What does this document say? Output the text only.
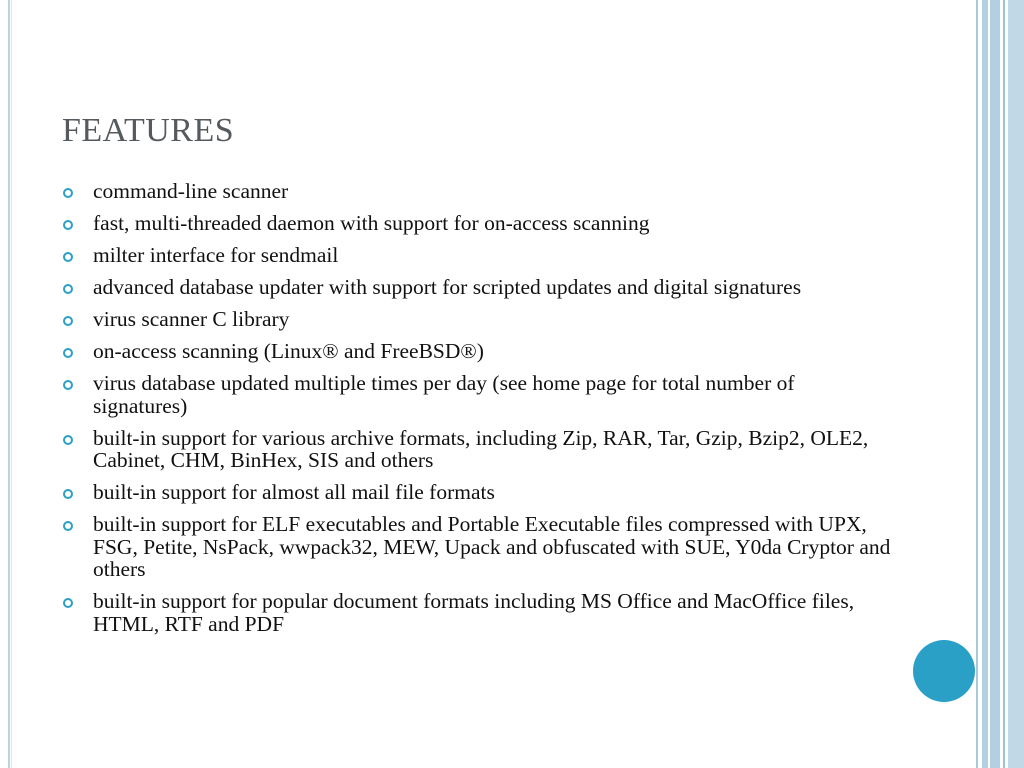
FEATURES
command-line scanner
fast, multi-threaded daemon with support for on-access scanning
milter interface for sendmail
advanced database updater with support for scripted updates and digital signatures
virus scanner C library
on-access scanning (Linux® and FreeBSD®)
virus database updated multiple times per day (see home page for total number of signatures)
built-in support for various archive formats, including Zip, RAR, Tar, Gzip, Bzip2, OLE2, Cabinet, CHM, BinHex, SIS and others
built-in support for almost all mail file formats
built-in support for ELF executables and Portable Executable files compressed with UPX, FSG, Petite, NsPack, wwpack32, MEW, Upack and obfuscated with SUE, Y0da Cryptor and others
built-in support for popular document formats including MS Office and MacOffice files, HTML, RTF and PDF
